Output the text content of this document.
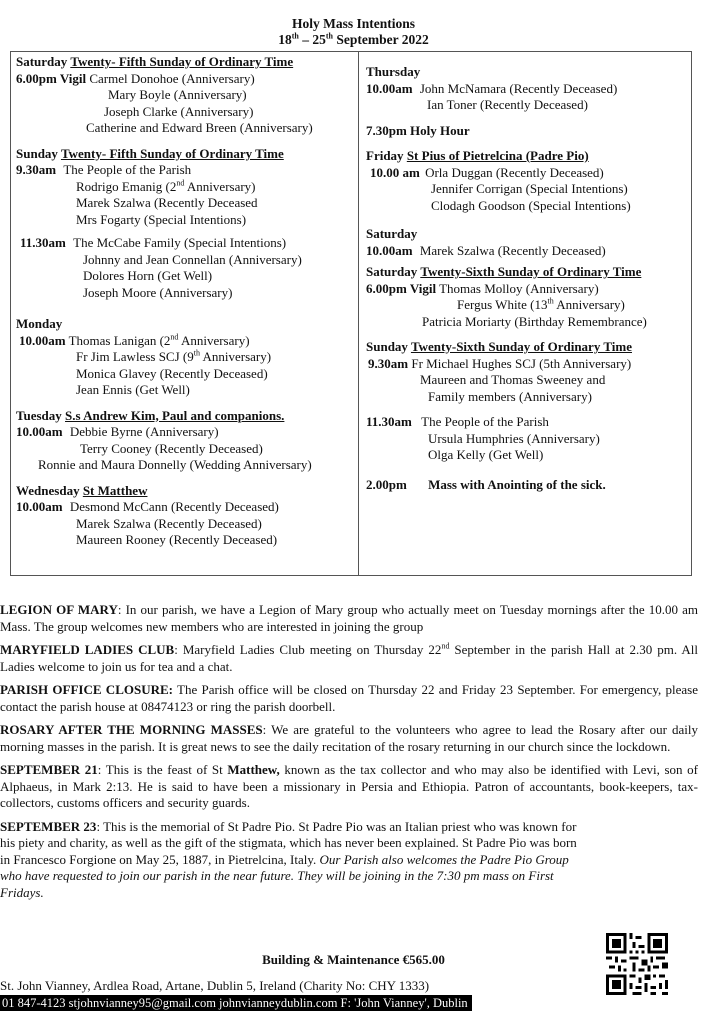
Holy Mass Intentions
18th – 25th September 2022
Saturday Twenty- Fifth Sunday of Ordinary Time
6.00pm Vigil Carmel Donohoe (Anniversary)
Mary Boyle (Anniversary)
Joseph Clarke (Anniversary)
Catherine and Edward Breen (Anniversary)
Sunday Twenty- Fifth Sunday of Ordinary Time
9.30am The People of the Parish
Rodrigo Emanig (2nd Anniversary)
Marek Szalwa (Recently Deceased
Mrs Fogarty (Special Intentions)
11.30am The McCabe Family (Special Intentions)
Johnny and Jean Connellan (Anniversary)
Dolores Horn (Get Well)
Joseph Moore (Anniversary)
Monday
10.00am Thomas Lanigan (2nd Anniversary)
Fr Jim Lawless SCJ (9th Anniversary)
Monica Glavey (Recently Deceased)
Jean Ennis (Get Well)
Tuesday S.s Andrew Kim, Paul and companions.
10.00am Debbie Byrne (Anniversary)
Terry Cooney (Recently Deceased)
Ronnie and Maura Donnelly (Wedding Anniversary)
Wednesday St Matthew
10.00am Desmond McCann (Recently Deceased)
Marek Szalwa (Recently Deceased)
Maureen Rooney (Recently Deceased)
Thursday
10.00am John McNamara (Recently Deceased)
Ian Toner (Recently Deceased)
7.30pm Holy Hour
Friday St Pius of Pietrelcina (Padre Pio)
10.00 am Orla Duggan (Recently Deceased)
Jennifer Corrigan (Special Intentions)
Clodagh Goodson (Special Intentions)
Saturday
10.00am Marek Szalwa (Recently Deceased)
Saturday Twenty-Sixth Sunday of Ordinary Time
6.00pm Vigil Thomas Molloy (Anniversary)
Fergus White (13th Anniversary)
Patricia Moriarty (Birthday Remembrance)
Sunday Twenty-Sixth Sunday of Ordinary Time
9.30am Fr Michael Hughes SCJ (5th Anniversary)
Maureen and Thomas Sweeney and
Family members (Anniversary)
11.30am The People of the Parish
Ursula Humphries (Anniversary)
Olga Kelly (Get Well)
2.00pm Mass with Anointing of the sick.

LEGION OF MARY: In our parish, we have a Legion of Mary group who actually meet on Tuesday mornings after the 10.00 am Mass. The group welcomes new members who are interested in joining the group

MARYFIELD LADIES CLUB: Maryfield Ladies Club meeting on Thursday 22nd September in the parish Hall at 2.30 pm. All Ladies welcome to join us for tea and a chat.

PARISH OFFICE CLOSURE: The Parish office will be closed on Thursday 22 and Friday 23 September. For emergency, please contact the parish house at 08474123 or ring the parish doorbell.

ROSARY AFTER THE MORNING MASSES: We are grateful to the volunteers who agree to lead the Rosary after our daily morning masses in the parish. It is great news to see the daily recitation of the rosary returning in our church since the lockdown.

SEPTEMBER 21: This is the feast of St Matthew, known as the tax collector and who may also be identified with Levi, son of Alphaeus, in Mark 2:13. He is said to have been a missionary in Persia and Ethiopia. Patron of accountants, book-keepers, tax-collectors, customs officers and security guards.

SEPTEMBER 23: This is the memorial of St Padre Pio. St Padre Pio was an Italian priest who was known for his piety and charity, as well as the gift of the stigmata, which has never been explained. St Padre Pio was born in Francesco Forgione on May 25, 1887, in Pietrelcina, Italy. Our Parish also welcomes the Padre Pio Group who have requested to join our parish in the near future. They will be joining in the 7:30 pm mass on First Fridays.

Building & Maintenance €565.00
St. John Vianney, Ardlea Road, Artane, Dublin 5, Ireland (Charity No: CHY 1333)
01 847-4123 stjohnvianney95@gmail.com johnvianneydublin.com F: 'John Vianney', Dublin
